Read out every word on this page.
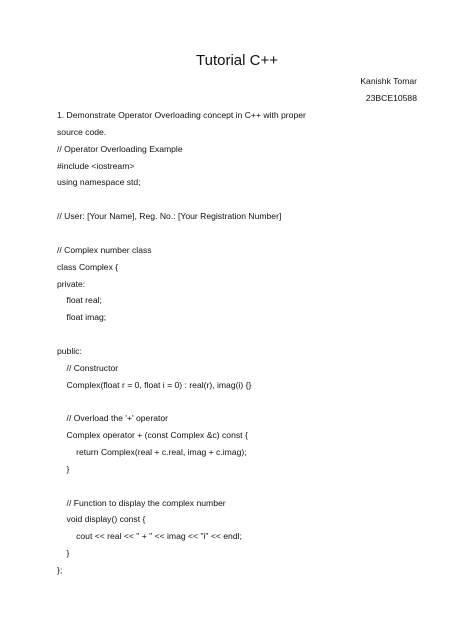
Tutorial C++
Kanishk Tomar
23BCE10588
1. Demonstrate Operator Overloading concept in C++ with proper
source code.
// Operator Overloading Example
#include <iostream>
using namespace std;
// User: [Your Name], Reg. No.: [Your Registration Number]
// Complex number class
class Complex {
private:
float real;
float imag;
public:
// Constructor
Complex(float r = 0, float i = 0) : real(r), imag(i) {}
// Overload the '+' operator
Complex operator + (const Complex &c) const {
return Complex(real + c.real, imag + c.imag);
}
// Function to display the complex number
void display() const {
cout << real << " + " << imag << "i" << endl;
}
};
